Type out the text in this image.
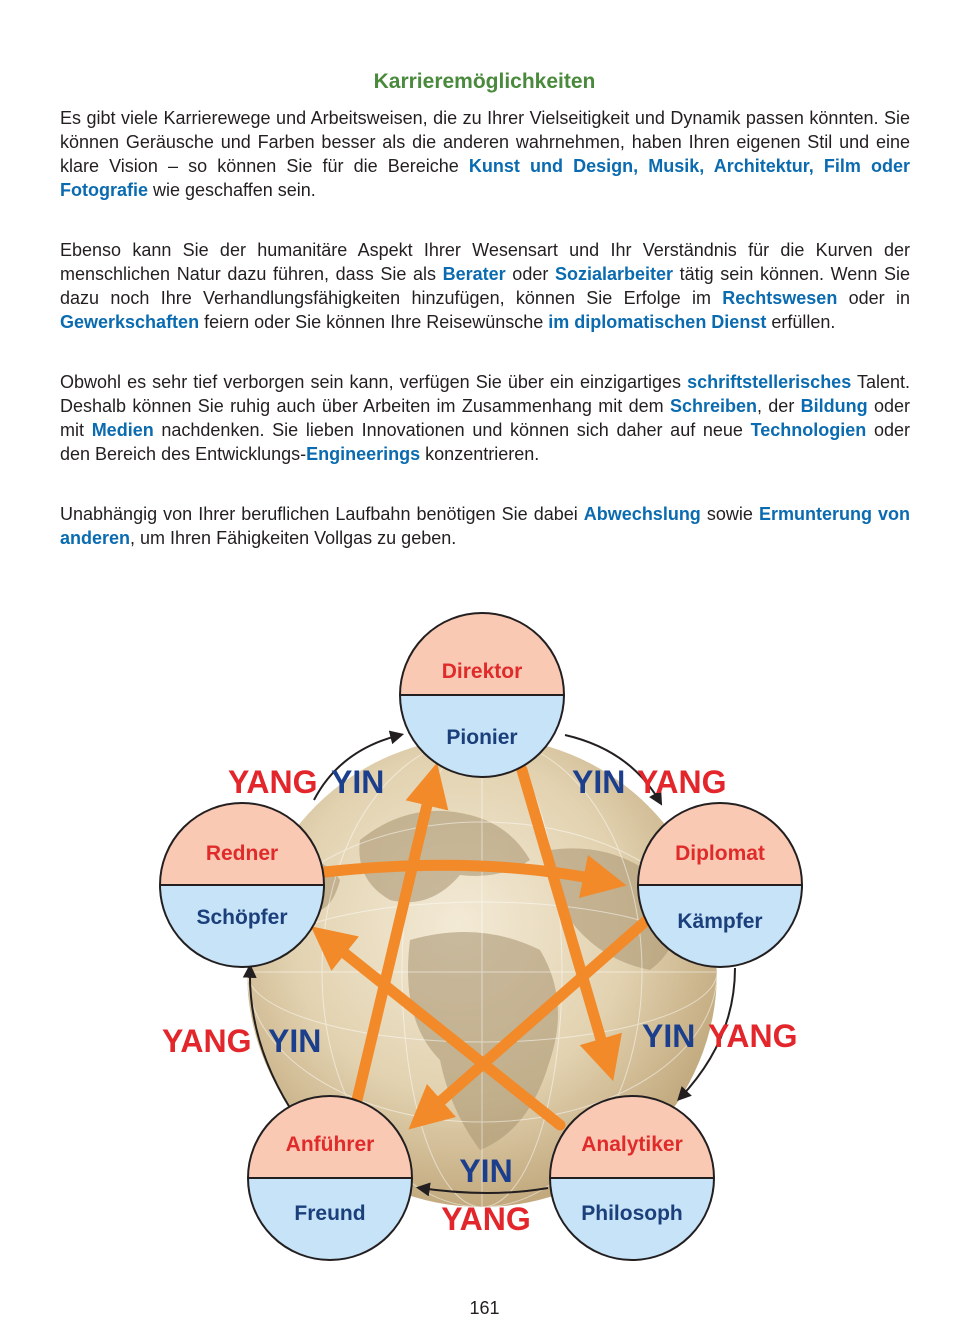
Karrieremöglichkeiten

Es gibt viele Karrierewege und Arbeitsweisen, die zu Ihrer Vielseitigkeit und Dynamik passen könnten. Sie können Geräusche und Farben besser als die anderen wahrnehmen, haben Ihren eigenen Stil und eine klare Vision – so können Sie für die Bereiche Kunst und Design, Musik, Architektur, Film oder Fotografie wie geschaffen sein.

Ebenso kann Sie der humanitäre Aspekt Ihrer Wesensart und Ihr Verständnis für die Kurven der menschlichen Natur dazu führen, dass Sie als Berater oder Sozialarbeiter tätig sein können. Wenn Sie dazu noch Ihre Verhandlungsfähigkeiten hinzufügen, können Sie Erfolge im Rechtswesen oder in Gewerkschaften feiern oder Sie können Ihre Reisewünsche im diplomatischen Dienst erfüllen.

Obwohl es sehr tief verborgen sein kann, verfügen Sie über ein einzigartiges schriftstellerisches Talent. Deshalb können Sie ruhig auch über Arbeiten im Zusammenhang mit dem Schreiben, der Bildung oder mit Medien nachdenken. Sie lieben Innovationen und können sich daher auf neue Technologien oder den Bereich des Entwicklungs-Engineerings konzentrieren.

Unabhängig von Ihrer beruflichen Laufbahn benötigen Sie dabei Abwechslung sowie Ermunterung von anderen, um Ihren Fähigkeiten Vollgas zu geben.

Direktor
Pionier
Diplomat
Kämpfer
Analytiker
Philosoph
Anführer
Freund
Redner
Schöpfer
YANG YIN	YIN YANG
YANG YIN	YIN YANG
YIN
YANG
161
